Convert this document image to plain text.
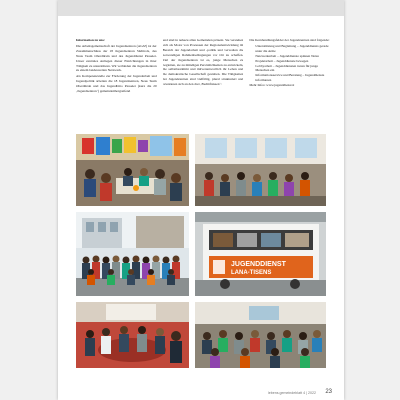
Information zu uns:

Die Arbeitsgemeinschaft der Jugendzentren (AGJZ) ist der Zusammenschluss der 18 Jugendzentren Südtirols, des Neus Team Oberdürsin und des Jugenddienst Passeier. Unser zentrales Anliegen dieser Einrichtungen in ihrer Tätigkeit zu unterstützen. Wir verbinden die Jugendzentren zu einem landesweiten Netzwerk.

Als Kompetenzstelle zur Förderung der Jugendarbeit und Jugendpolitik arbeiten die 18 Jugendzentren, Neus Team Oberdürsin und das Jugendbüro Passeier (kurz die 20 ‚Jugendzentren‘) gemeindeübergreifend

und sind in nahezu allen Gemeinden präsent. Sie verstehen sich als Motor von Prozessen der Regionalentwicklung im Bereich der Jugendarbeit und -politik und verwalten die notwendigen Rahmenbedingungen vor Ort zu schaffen. Ziel der Jugendzentren ist es, junge Menschen zu begleiten, sie zu mündigen Persönlichkeiten zu entwickeln, die selbstbestimmt und mitverantwortlich ihr Leben und die demokratische Gesellschaft gestalten. Die Tätigkeiten der Jugendzentren sind vielfältig, plural strukturiert und orientieren sich an den drei ‚Bedürfnissen‘:

Die Kernhandlungsfelder der Jugendzentren sind folgende:

• Unterstützung und Begleitung – Jugenddiensts gerade unter die Arme
• Netzwerkarbeit – Jugenddienste spinnen Netze
• Projektarbeit – Jugenddienste bewegen
• Lobbyarbeit – Jugenddiensten treten für junge Menschen ein
• Informationsservice und Beratung – Jugenddienste informieren

Mehr Infos: www.jugenddienst.it

JUGENDDIENST
LANA-TISENS
lebens.gemeindeblatt 4 | 2022 23
